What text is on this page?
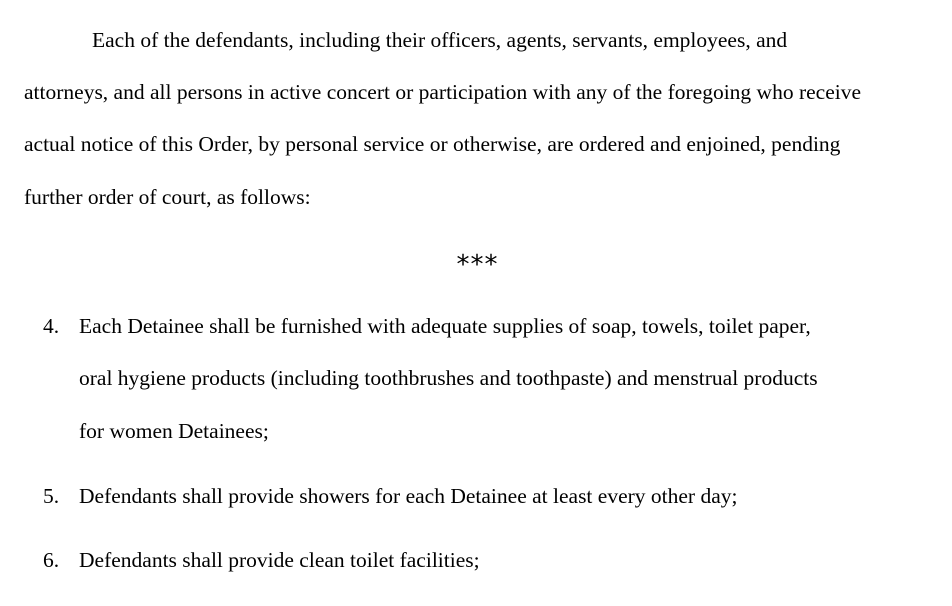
Each of the defendants, including their officers, agents, servants, employees, and
attorneys, and all persons in active concert or participation with any of the foregoing who receive
actual notice of this Order, by personal service or otherwise, are ordered and enjoined, pending
further order of court, as follows:
***
4. Each Detainee shall be furnished with adequate supplies of soap, towels, toilet paper,
oral hygiene products (including toothbrushes and toothpaste) and menstrual products
for women Detainees;
5. Defendants shall provide showers for each Detainee at least every other day;
6. Defendants shall provide clean toilet facilities;
